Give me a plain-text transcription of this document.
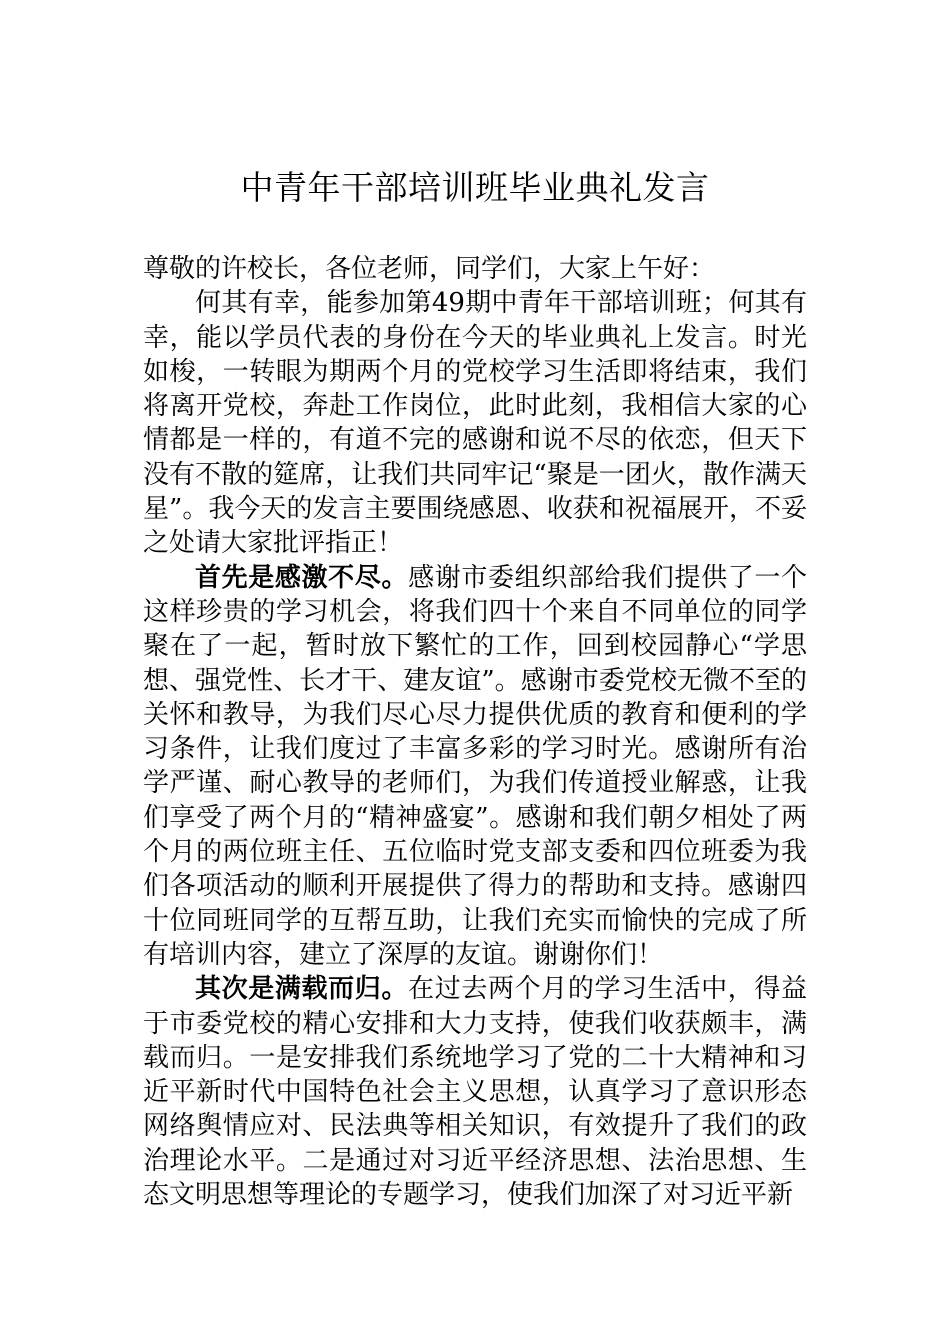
中青年干部培训班毕业典礼发言

尊敬的许校长，各位老师，同学们，大家上午好：

何其有幸，能参加第49期中青年干部培训班；何其有幸，能以学员代表的身份在今天的毕业典礼上发言。时光如梭，一转眼为期两个月的党校学习生活即将结束，我们将离开党校，奔赴工作岗位，此时此刻，我相信大家的心情都是一样的，有道不完的感谢和说不尽的依恋，但天下没有不散的筵席，让我们共同牢记“聚是一团火，散作满天星”。我今天的发言主要围绕感恩、收获和祝福展开，不妥之处请大家批评指正！

首先是感激不尽。感谢市委组织部给我们提供了一个这样珍贵的学习机会，将我们四十个来自不同单位的同学聚在了一起，暂时放下繁忙的工作，回到校园静心“学思想、强党性、长才干、建友谊”。感谢市委党校无微不至的关怀和教导，为我们尽心尽力提供优质的教育和便利的学习条件，让我们度过了丰富多彩的学习时光。感谢所有治学严谨、耐心教导的老师们，为我们传道授业解惑，让我们享受了两个月的“精神盛宴”。感谢和我们朝夕相处了两个月的两位班主任、五位临时党支部支委和四位班委为我们各项活动的顺利开展提供了得力的帮助和支持。感谢四十位同班同学的互帮互助，让我们充实而愉快的完成了所有培训内容，建立了深厚的友谊。谢谢你们！

其次是满载而归。在过去两个月的学习生活中，得益于市委党校的精心安排和大力支持，使我们收获颇丰，满载而归。一是安排我们系统地学习了党的二十大精神和习近平新时代中国特色社会主义思想，认真学习了意识形态网络舆情应对、民法典等相关知识，有效提升了我们的政治理论水平。二是通过对习近平经济思想、法治思想、生态文明思想等理论的专题学习，使我们加深了对习近平新
